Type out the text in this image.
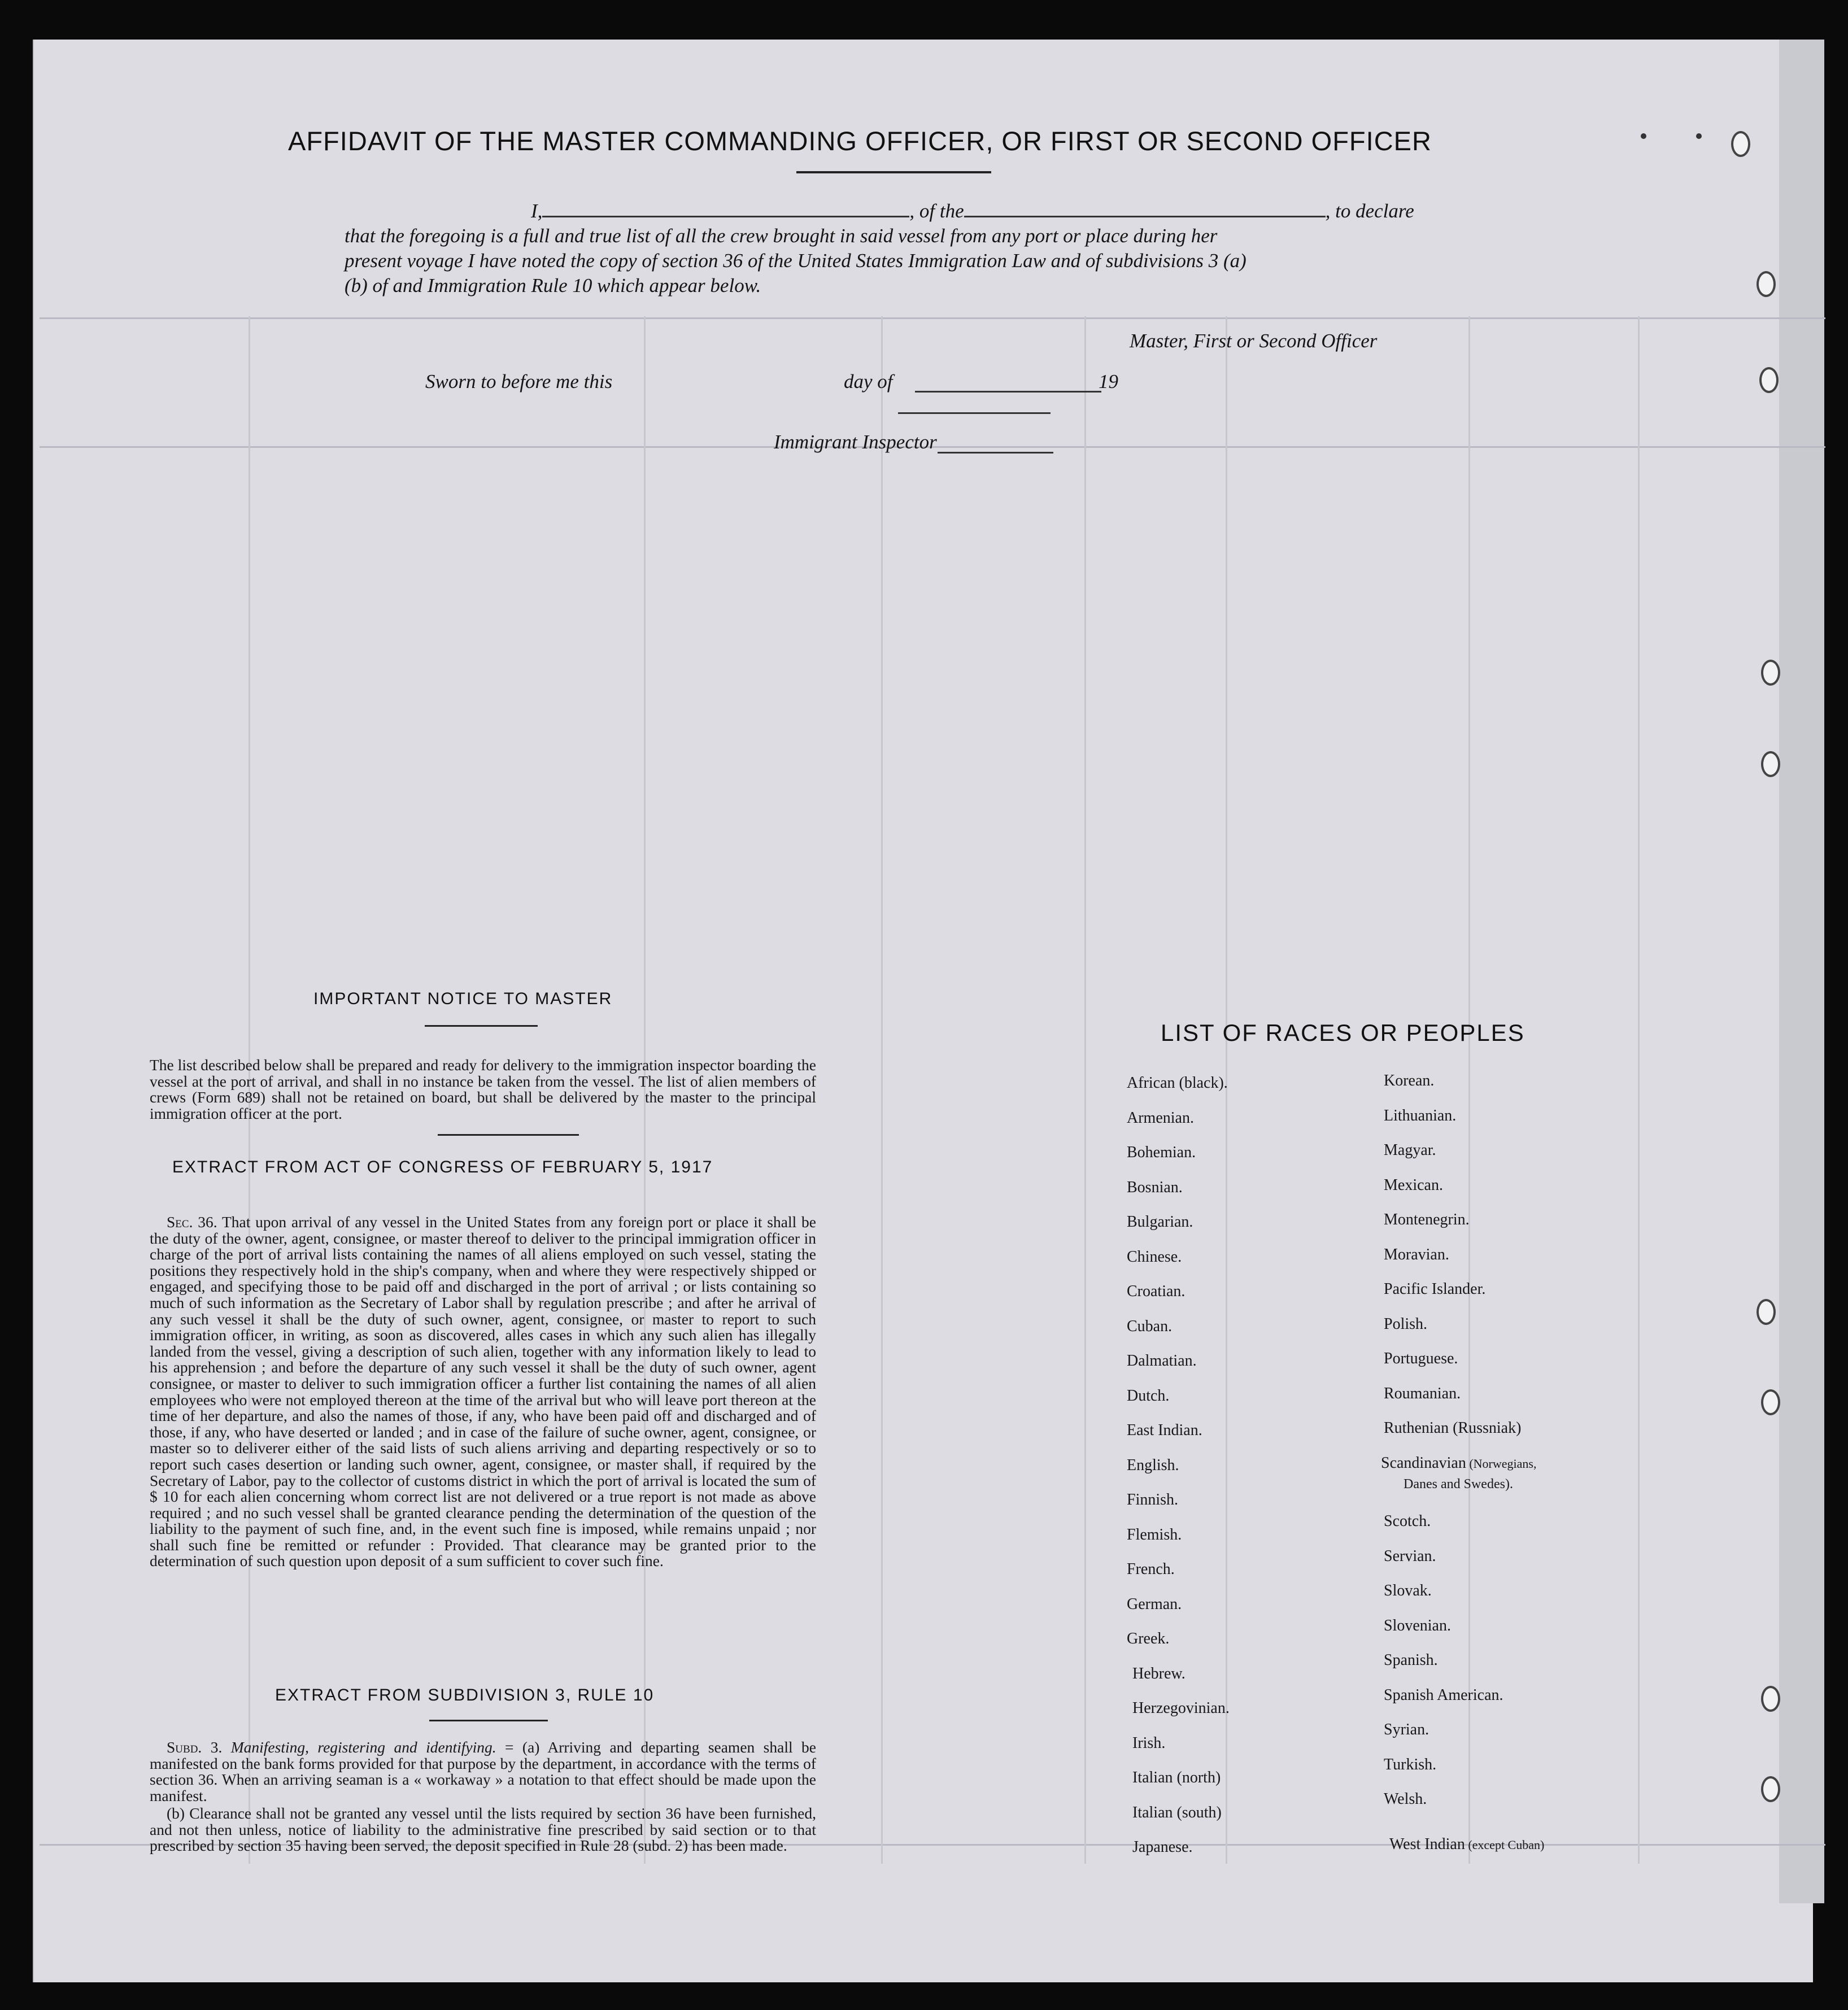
AFFIDAVIT OF THE MASTER COMMANDING OFFICER, OR FIRST OR SECOND OFFICER
I,	, of the	, to declare
that the foregoing is a full and true list of all the crew brought in said vessel from any port or place during her
present voyage I have noted the copy of section 36 of the United States Immigration Law and of subdivisions 3 (a)
(b) of and Immigration Rule 10 which appear below.
Master, First or Second Officer
Sworn to before me this	day of	19
Immigrant Inspector
IMPORTANT NOTICE TO MASTER
The list described below shall be prepared and ready for delivery to the immigration inspector boarding the vessel at the port of arrival, and shall in no instance be taken from the vessel. The list of alien members of crews (Form 689) shall not be retained on board, but shall be delivered by the master to the principal immigration officer at the port.
EXTRACT FROM ACT OF CONGRESS OF FEBRUARY 5, 1917
Sec. 36. That upon arrival of any vessel in the United States from any foreign port or place it shall be the duty of the owner, agent, consignee, or master thereof to deliver to the principal immigration officer in charge of the port of arrival lists containing the names of all aliens employed on such vessel, stating the positions they respectively hold in the ship's company, when and where they were respectively shipped or engaged, and specifying those to be paid off and discharged in the port of arrival ; or lists containing so much of such information as the Secretary of Labor shall by regulation prescribe ; and after he arrival of any such vessel it shall be the duty of such owner, agent, consignee, or master to report to such immigration officer, in writing, as soon as discovered, alles cases in which any such alien has illegally landed from the vessel, giving a description of such alien, together with any information likely to lead to his apprehension ; and before the departure of any such vessel it shall be the duty of such owner, agent consignee, or master to deliver to such immigration officer a further list containing the names of all alien employees who were not employed thereon at the time of the arrival but who will leave port thereon at the time of her departure, and also the names of those, if any, who have been paid off and discharged and of those, if any, who have deserted or landed ; and in case of the failure of suche owner, agent, consignee, or master so to deliverer either of the said lists of such aliens arriving and departing respectively or so to report such cases desertion or landing such owner, agent, consignee, or master shall, if required by the Secretary of Labor, pay to the collector of customs district in which the port of arrival is located the sum of $ 10 for each alien concerning whom correct list are not delivered or a true report is not made as above required ; and no such vessel shall be granted clearance pending the determination of the question of the liability to the payment of such fine, and, in the event such fine is imposed, while remains unpaid ; nor shall such fine be remitted or refunder : Provided. That clearance may be granted prior to the determination of such question upon deposit of a sum sufficient to cover such fine.
EXTRACT FROM SUBDIVISION 3, RULE 10
Subd. 3. Manifesting, registering and identifying. = (a) Arriving and departing seamen shall be manifested on the bank forms provided for that purpose by the department, in accordance with the terms of section 36. When an arriving seaman is a « workaway » a notation to that effect should be made upon the manifest.
(b) Clearance shall not be granted any vessel until the lists required by section 36 have been furnished, and not then unless, notice of liability to the administrative fine prescribed by said section or to that prescribed by section 35 having been served, the deposit specified in Rule 28 (subd. 2) has been made.
LIST OF RACES OR PEOPLES
African (black).
Armenian.
Bohemian.
Bosnian.
Bulgarian.
Chinese.
Croatian.
Cuban.
Dalmatian.
Dutch.
East Indian.
English.
Finnish.
Flemish.
French.
German.
Greek.
Hebrew.
Herzegovinian.
Irish.
Italian (north)
Italian (south)
Japanese.
Korean.
Lithuanian.
Magyar.
Mexican.
Montenegrin.
Moravian.
Pacific Islander.
Polish.
Portuguese.
Roumanian.
Ruthenian (Russniak)
Scandinavian (Norwegians,
Danes and Swedes).
Scotch.
Servian.
Slovak.
Slovenian.
Spanish.
Spanish American.
Syrian.
Turkish.
Welsh.
West Indian (except Cuban)
